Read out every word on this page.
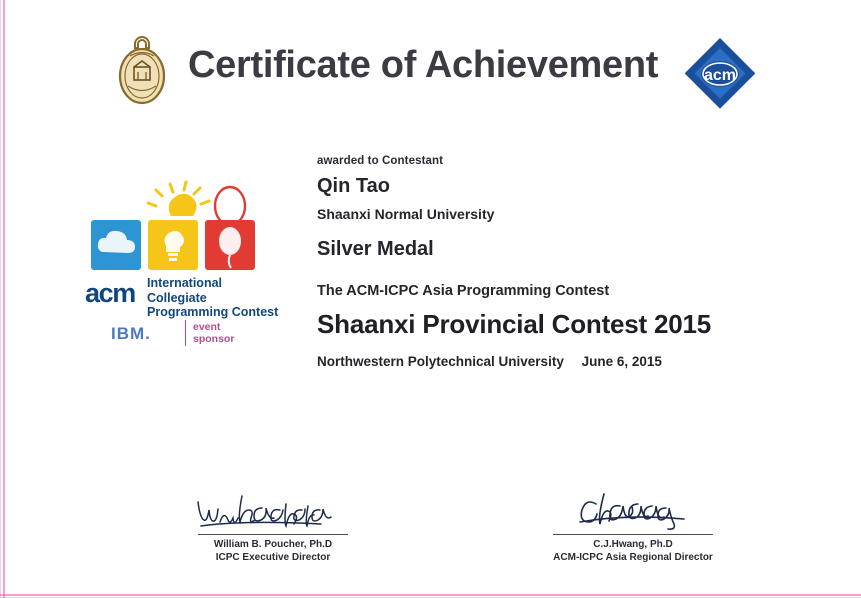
Certificate of Achievement	acm
acm International Collegiate
Programming Contest
IBM.	event
sponsor
awarded to Contestant
Qin Tao
Shaanxi Normal University
Silver Medal
The ACM-ICPC Asia Programming Contest
Shaanxi Provincial Contest 2015
Northwestern Polytechnical University June 6, 2015
William B. Poucher, Ph.D
ICPC Executive Director
C.J.Hwang, Ph.D
ACM-ICPC Asia Regional Director
